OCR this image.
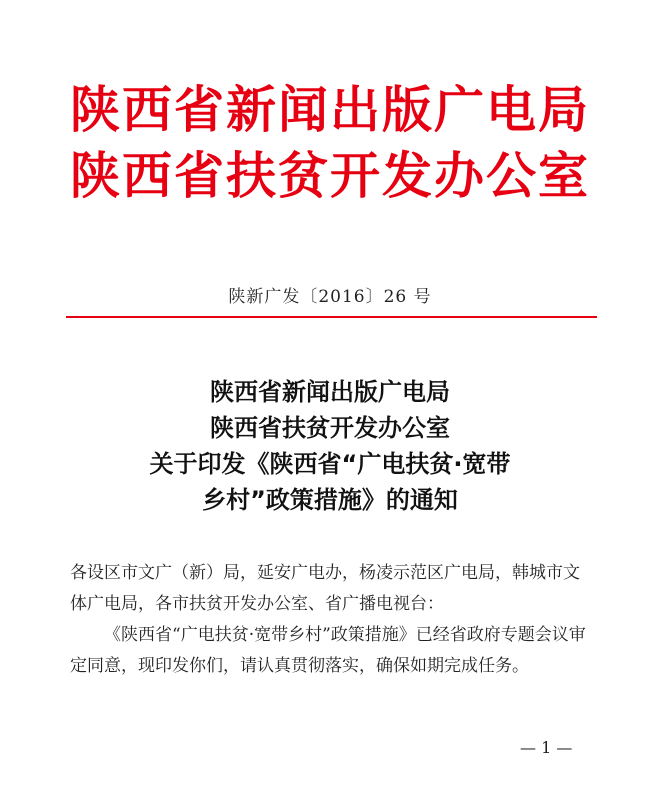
陕西省新闻出版广电局
陕西省扶贫开发办公室
陕新广发〔2016〕26 号
陕西省新闻出版广电局
陕西省扶贫开发办公室
关于印发《陕西省“广电扶贫·宽带
乡村”政策措施》的通知

各设区市文广（新）局，延安广电办，杨凌示范区广电局，韩城市文体广电局，各市扶贫开发办公室、省广播电视台：

《陕西省“广电扶贫·宽带乡村”政策措施》已经省政府专题会议审定同意，现印发你们，请认真贯彻落实，确保如期完成任务。

— 1 —
